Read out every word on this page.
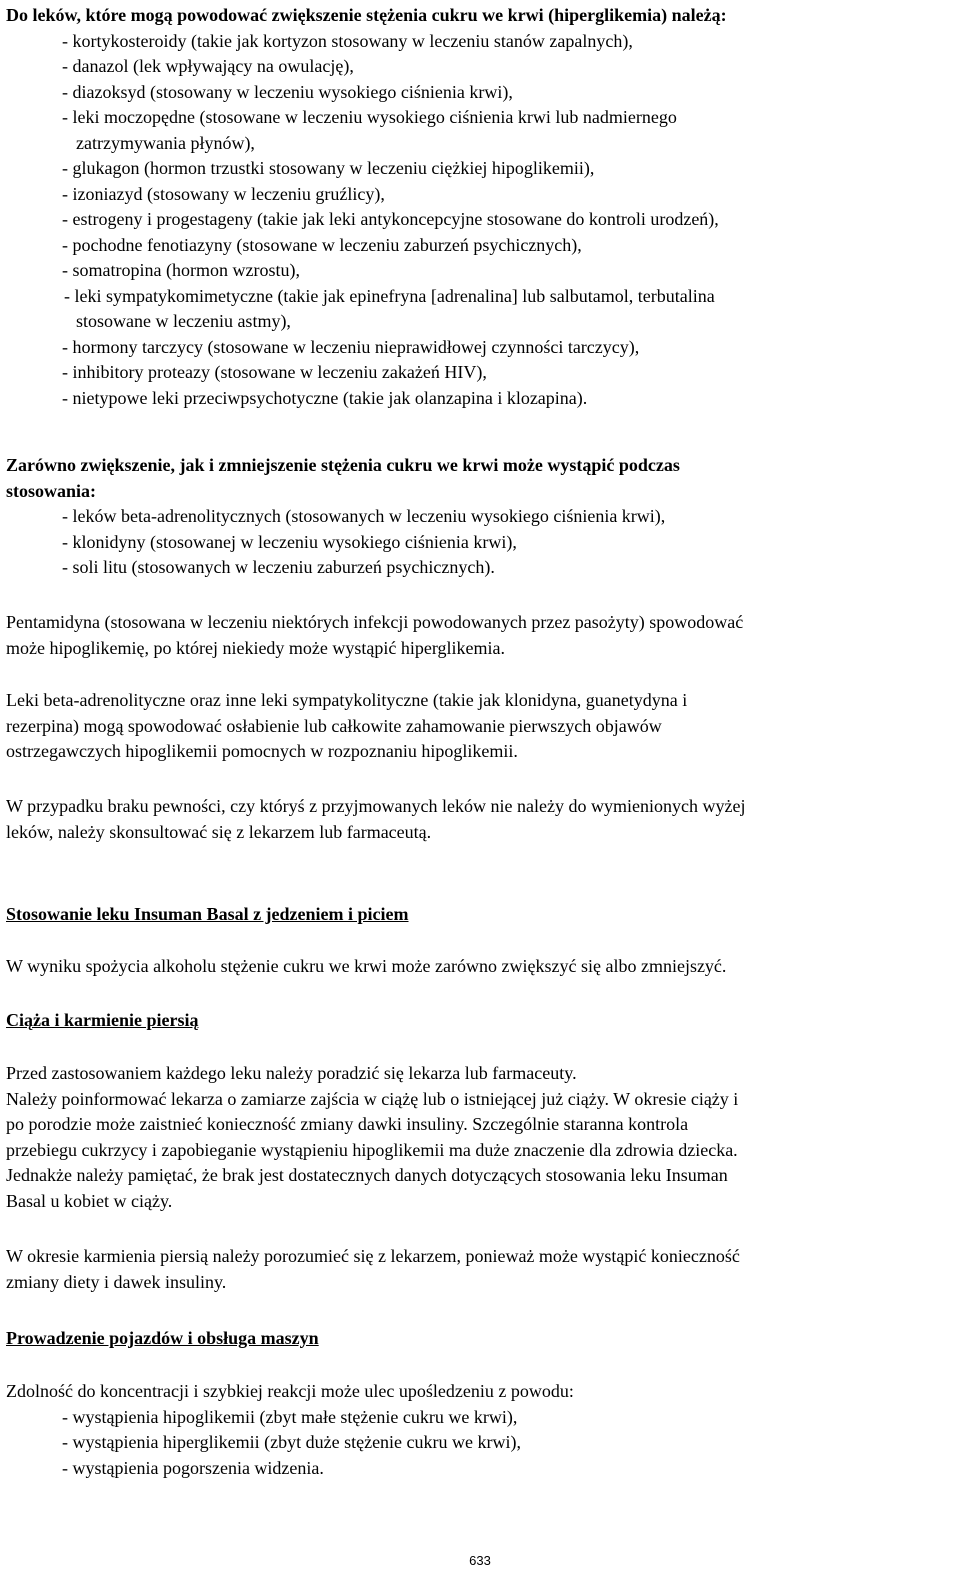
Do leków, które mogą powodować zwiększenie stężenia cukru we krwi (hiperglikemia) należą:
- kortykosteroidy (takie jak kortyzon stosowany w leczeniu stanów zapalnych),
- danazol (lek wpływający na owulację),
- diazoksyd (stosowany w leczeniu wysokiego ciśnienia krwi),
- leki moczopędne (stosowane w leczeniu wysokiego ciśnienia krwi lub nadmiernego
zatrzymywania płynów),
- glukagon (hormon trzustki stosowany w leczeniu ciężkiej hipoglikemii),
- izoniazyd (stosowany w leczeniu gruźlicy),
- estrogeny i progestageny (takie jak leki antykoncepcyjne stosowane do kontroli urodzeń),
- pochodne fenotiazyny (stosowane w leczeniu zaburzeń psychicznych),
- somatropina (hormon wzrostu),
- leki sympatykomimetyczne (takie jak epinefryna [adrenalina] lub salbutamol, terbutalina
stosowane w leczeniu astmy),
- hormony tarczycy (stosowane w leczeniu nieprawidłowej czynności tarczycy),
- inhibitory proteazy (stosowane w leczeniu zakażeń HIV),
- nietypowe leki przeciwpsychotyczne (takie jak olanzapina i klozapina).
Zarówno zwiększenie, jak i zmniejszenie stężenia cukru we krwi może wystąpić podczas
stosowania:
- leków beta-adrenolitycznych (stosowanych w leczeniu wysokiego ciśnienia krwi),
- klonidyny (stosowanej w leczeniu wysokiego ciśnienia krwi),
- soli litu (stosowanych w leczeniu zaburzeń psychicznych).
Pentamidyna (stosowana w leczeniu niektórych infekcji powodowanych przez pasożyty) spowodować
może hipoglikemię, po której niekiedy może wystąpić hiperglikemia.
Leki beta-adrenolityczne oraz inne leki sympatykolityczne (takie jak klonidyna, guanetydyna i
rezerpina) mogą spowodować osłabienie lub całkowite zahamowanie pierwszych objawów
ostrzegawczych hipoglikemii pomocnych w rozpoznaniu hipoglikemii.
W przypadku braku pewności, czy któryś z przyjmowanych leków nie należy do wymienionych wyżej
leków, należy skonsultować się z lekarzem lub farmaceutą.
Stosowanie leku Insuman Basal z jedzeniem i piciem
W wyniku spożycia alkoholu stężenie cukru we krwi może zarówno zwiększyć się albo zmniejszyć.
Ciąża i karmienie piersią
Przed zastosowaniem każdego leku należy poradzić się lekarza lub farmaceuty.
Należy poinformować lekarza o zamiarze zajścia w ciążę lub o istniejącej już ciąży. W okresie ciąży i
po porodzie może zaistnieć konieczność zmiany dawki insuliny. Szczególnie staranna kontrola
przebiegu cukrzycy i zapobieganie wystąpieniu hipoglikemii ma duże znaczenie dla zdrowia dziecka.
Jednakże należy pamiętać, że brak jest dostatecznych danych dotyczących stosowania leku Insuman
Basal u kobiet w ciąży.
W okresie karmienia piersią należy porozumieć się z lekarzem, ponieważ może wystąpić konieczność
zmiany diety i dawek insuliny.
Prowadzenie pojazdów i obsługa maszyn
Zdolność do koncentracji i szybkiej reakcji może ulec upośledzeniu z powodu:
- wystąpienia hipoglikemii (zbyt małe stężenie cukru we krwi),
- wystąpienia hiperglikemii (zbyt duże stężenie cukru we krwi),
- wystąpienia pogorszenia widzenia.
633
